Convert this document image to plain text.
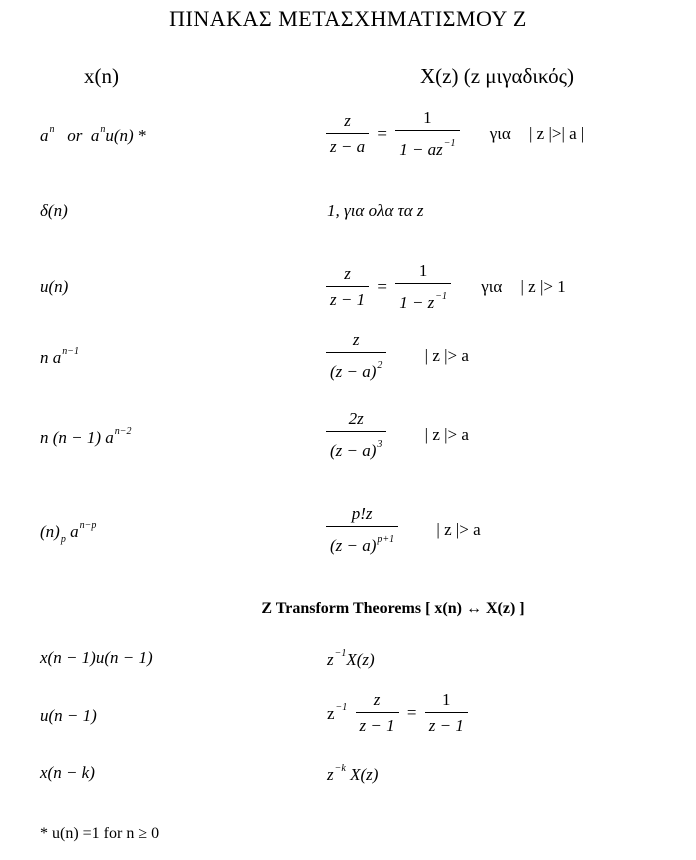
ΠΙΝΑΚΑΣ ΜΕΤΑΣΧΗΜΑΤΙΣΜΟΥ Z
x(n)	X(z) (z μιγαδικός)
$a^n$ or $a^nu(n)$ *	$\frac{z}{z - a} = \frac{1}{1 - az^{-1}}$ για | z |>| a |
δ(n)	1, για ολα τα z
u(n)	$\frac{z}{z - 1} = \frac{1}{1 - z^{-1}}$ για | z |> 1
n $a^{n-1}$	$\frac{z}{(z - a)^2}$ | z |> a
n (n − 1) $a^{n-2}$	$\frac{2z}{(z - a)^3}$ | z |> a
$(n)_p$ $a^{n-p}$	$\frac{p!z}{(z - a)^{p+1}}$ | z |> a
Z Transform Theorems [ x(n) ↔ X(z) ]
x(n − 1)u(n − 1)	$z^{-1}X(z)$
u(n − 1)	$z^{-1} \frac{z}{z - 1} = \frac{1}{z - 1}$
x(n − k)	$z^{-k}$ X(z)
* u(n) =1 for n ≥ 0
